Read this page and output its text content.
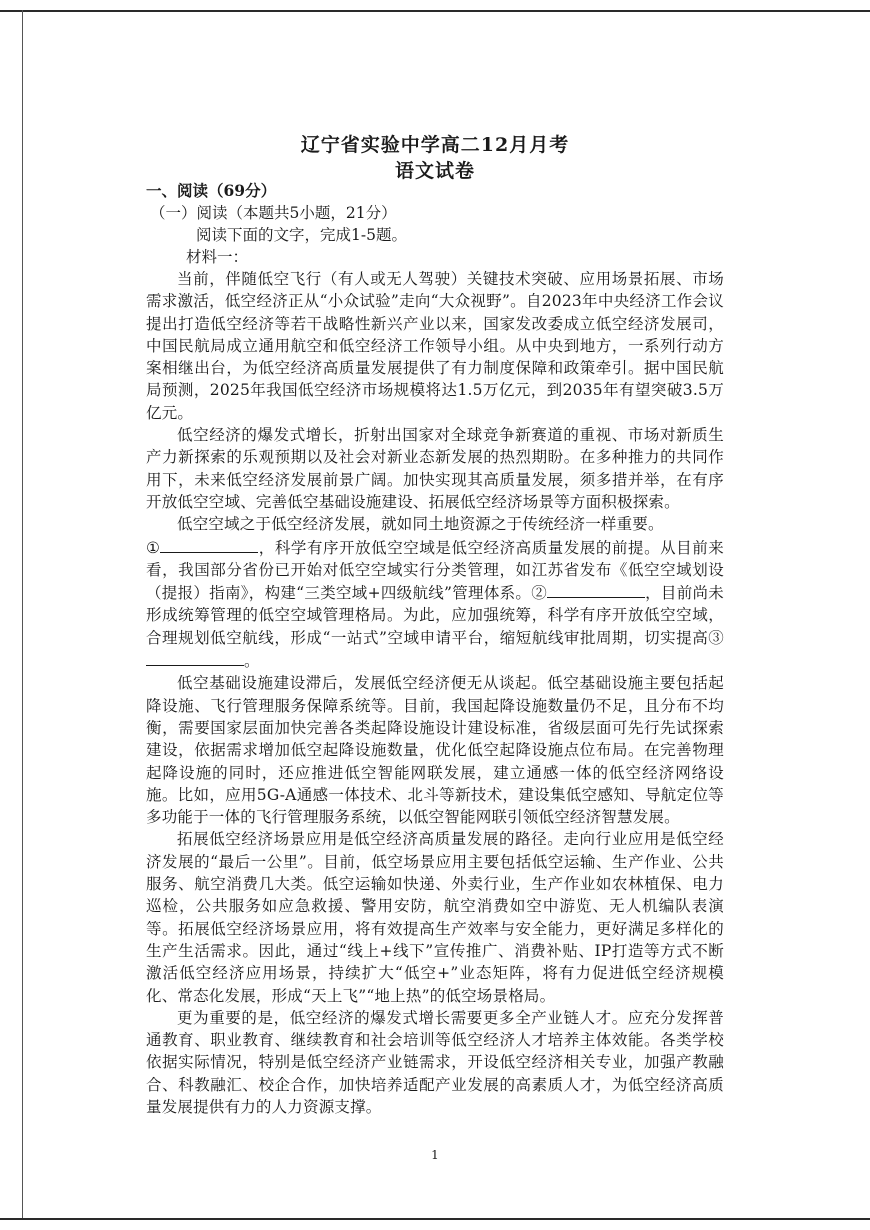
辽宁省实验中学高二12月月考
语文试卷
一、阅读（69分）
（一）阅读（本题共5小题，21分）
阅读下面的文字，完成1-5题。
材料一：

当前，伴随低空飞行（有人或无人驾驶）关键技术突破、应用场景拓展、市场需求激活，低空经济正从“小众试验”走向“大众视野”。自2023年中央经济工作会议提出打造低空经济等若干战略性新兴产业以来，国家发改委成立低空经济发展司，中国民航局成立通用航空和低空经济工作领导小组。从中央到地方，一系列行动方案相继出台，为低空经济高质量发展提供了有力制度保障和政策牵引。据中国民航局预测，2025年我国低空经济市场规模将达1.5万亿元，到2035年有望突破3.5万亿元。

低空经济的爆发式增长，折射出国家对全球竞争新赛道的重视、市场对新质生产力新探索的乐观预期以及社会对新业态新发展的热烈期盼。在多种推力的共同作用下，未来低空经济发展前景广阔。加快实现其高质量发展，须多措并举，在有序开放低空空域、完善低空基础设施建设、拓展低空经济场景等方面积极探索。

低空空域之于低空经济发展，就如同土地资源之于传统经济一样重要。

①	，科学有序开放低空空域是低空经济高质量发展的前提。从目前来看，我国部分省份已开始对低空空域实行分类管理，如江苏省发布《低空空域划设（提报）指南》，构建“三类空域+四级航线”管理体系。②	，目前尚未形成统筹管理的低空空域管理格局。为此，应加强统筹，科学有序开放低空空域，合理规划低空航线，形成“一站式”空域申请平台，缩短航线审批周期，切实提高③。

低空基础设施建设滞后，发展低空经济便无从谈起。低空基础设施主要包括起降设施、飞行管理服务保障系统等。目前，我国起降设施数量仍不足，且分布不均衡，需要国家层面加快完善各类起降设施设计建设标准，省级层面可先行先试探索建设，依据需求增加低空起降设施数量，优化低空起降设施点位布局。在完善物理起降设施的同时，还应推进低空智能网联发展，建立通感一体的低空经济网络设施。比如，应用5G-A通感一体技术、北斗等新技术，建设集低空感知、导航定位等多功能于一体的飞行管理服务系统，以低空智能网联引领低空经济智慧发展。

拓展低空经济场景应用是低空经济高质量发展的路径。走向行业应用是低空经济发展的“最后一公里”。目前，低空场景应用主要包括低空运输、生产作业、公共服务、航空消费几大类。低空运输如快递、外卖行业，生产作业如农林植保、电力巡检，公共服务如应急救援、警用安防，航空消费如空中游览、无人机编队表演等。拓展低空经济场景应用，将有效提高生产效率与安全能力，更好满足多样化的生产生活需求。因此，通过“线上+线下”宣传推广、消费补贴、IP打造等方式不断激活低空经济应用场景，持续扩大“低空+”业态矩阵，将有力促进低空经济规模化、常态化发展，形成“天上飞”“地上热”的低空场景格局。

更为重要的是，低空经济的爆发式增长需要更多全产业链人才。应充分发挥普通教育、职业教育、继续教育和社会培训等低空经济人才培养主体效能。各类学校依据实际情况，特别是低空经济产业链需求，开设低空经济相关专业，加强产教融合、科教融汇、校企合作，加快培养适配产业发展的高素质人才，为低空经济高质量发展提供有力的人力资源支撑。

1
